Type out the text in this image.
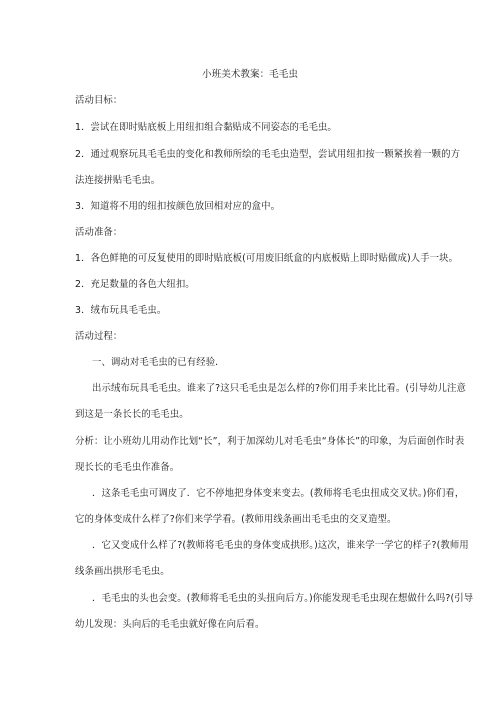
小班美术教案：毛毛虫
活动目标：
1．尝试在即时贴底板上用纽扣组合黏贴成不同姿态的毛毛虫。
2．通过观察玩具毛毛虫的变化和教师所绘的毛毛虫造型，尝试用纽扣按一颗紧挨着一颗的方
法连接拼贴毛毛虫。
3．知道将不用的纽扣按颜色放回相对应的盒中。
活动准备：
1．各色鲜艳的可反复使用的即时贴底板(可用废旧纸盒的内底板贴上即时贴做成)人手一块。
2．充足数量的各色大纽扣。
3．绒布玩具毛毛虫。
活动过程：
一、调动对毛毛虫的已有经验．
出示绒布玩具毛毛虫。谁来了?这只毛毛虫是怎么样的?你们用手来比比看。(引导幼儿注意
到这是一条长长的毛毛虫。
分析：让小班幼儿用动作比划“长”，利于加深幼儿对毛毛虫“身体长”的印象，为后面创作时表
现长长的毛毛虫作准备。
．这条毛毛虫可调皮了．它不停地把身体变来变去。(教师将毛毛虫扭成交叉状。)你们看，
它的身体变成什么样了?你们来学学看。(教师用线条画出毛毛虫的交叉造型。
．它又变成什么样了?(教师将毛毛虫的身体变成拱形。)这次，谁来学一学它的样子?(教师用
线条画出拱形毛毛虫。
．毛毛虫的头也会变。(教师将毛毛虫的头扭向后方。)你能发现毛毛虫现在想做什么吗?(引导
幼儿发现：头向后的毛毛虫就好像在向后看。
